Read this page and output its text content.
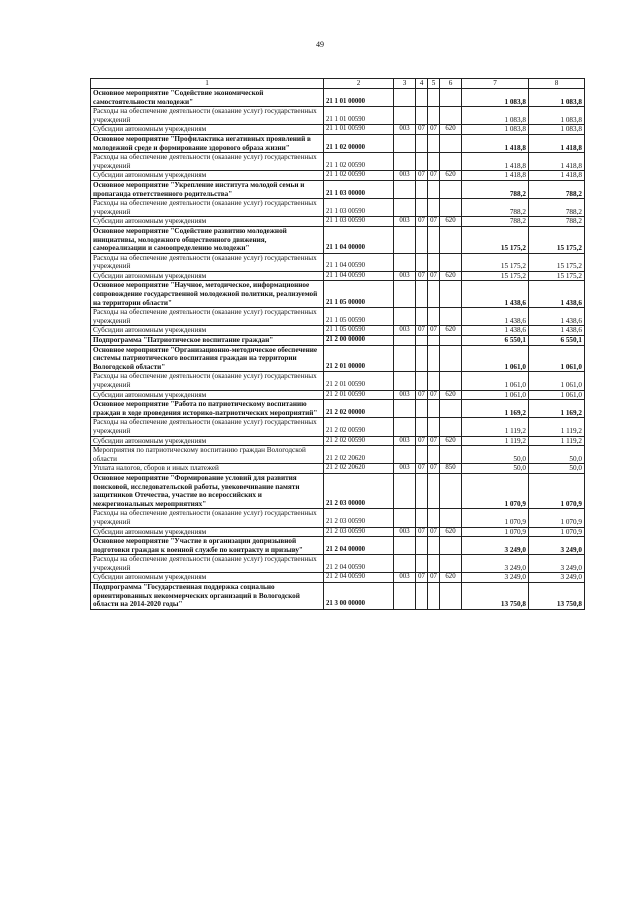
49
1	2	3	4	5	6	7	8
Основное мероприятие "Содействие экономической самостоятельности молодежи"	21 1 01 00000					1 083,8	1 083,8
Расходы на обеспечение деятельности (оказание услуг) государственных учреждений	21 1 01 00590					1 083,8	1 083,8
Субсидии автономным учреждениям	21 1 01 00590	003	07	07	620	1 083,8	1 083,8
Основное мероприятие "Профилактика негативных проявлений в молодежной среде и формирование здорового образа жизни"	21 1 02 00000					1 418,8	1 418,8
Расходы на обеспечение деятельности (оказание услуг) государственных учреждений	21 1 02 00590					1 418,8	1 418,8
Субсидии автономным учреждениям	21 1 02 00590	003	07	07	620	1 418,8	1 418,8
Основное мероприятие "Укрепление института молодой семьи и пропаганда ответственного родительства"	21 1 03 00000					788,2	788,2
Расходы на обеспечение деятельности (оказание услуг) государственных учреждений	21 1 03 00590					788,2	788,2
Субсидии автономным учреждениям	21 1 03 00590	003	07	07	620	788,2	788,2
Основное мероприятие "Содействие развитию молодежной инициативы, молодежного общественного движения, самореализации и самоопределению молодежи"	21 1 04 00000					15 175,2	15 175,2
Расходы на обеспечение деятельности (оказание услуг) государственных учреждений	21 1 04 00590					15 175,2	15 175,2
Субсидии автономным учреждениям	21 1 04 00590	003	07	07	620	15 175,2	15 175,2
Основное мероприятие "Научное, методическое, информационное сопровождение государственной молодежной политики, реализуемой на территории области"	21 1 05 00000					1 438,6	1 438,6
Расходы на обеспечение деятельности (оказание услуг) государственных учреждений	21 1 05 00590					1 438,6	1 438,6
Субсидии автономным учреждениям	21 1 05 00590	003	07	07	620	1 438,6	1 438,6
Подпрограмма "Патриотическое воспитание граждан"	21 2 00 00000					6 550,1	6 550,1
Основное мероприятие "Организационно-методическое обеспечение системы патриотического воспитания граждан на территории Вологодской области"	21 2 01 00000					1 061,0	1 061,0
Расходы на обеспечение деятельности (оказание услуг) государственных учреждений	21 2 01 00590					1 061,0	1 061,0
Субсидии автономным учреждениям	21 2 01 00590	003	07	07	620	1 061,0	1 061,0
Основное мероприятие "Работа по патриотическому воспитанию граждан в ходе проведения историко-патриотических мероприятий"	21 2 02 00000					1 169,2	1 169,2
Расходы на обеспечение деятельности (оказание услуг) государственных учреждений	21 2 02 00590					1 119,2	1 119,2
Субсидии автономным учреждениям	21 2 02 00590	003	07	07	620	1 119,2	1 119,2
Мероприятия по патриотическому воспитанию граждан Вологодской области	21 2 02 20620					50,0	50,0
Уплата налогов, сборов и иных платежей	21 2 02 20620	003	07	07	850	50,0	50,0
Основное мероприятие "Формирование условий для развития поисковой, исследовательской работы, увековечивание памяти защитников Отечества, участие во всероссийских и межрегиональных мероприятиях"	21 2 03 00000					1 070,9	1 070,9
Расходы на обеспечение деятельности (оказание услуг) государственных учреждений	21 2 03 00590					1 070,9	1 070,9
Субсидии автономным учреждениям	21 2 03 00590	003	07	07	620	1 070,9	1 070,9
Основное мероприятие "Участие в организации допризывной подготовки граждан к военной службе по контракту и призыву"	21 2 04 00000					3 249,0	3 249,0
Расходы на обеспечение деятельности (оказание услуг) государственных учреждений	21 2 04 00590					3 249,0	3 249,0
Субсидии автономным учреждениям	21 2 04 00590	003	07	07	620	3 249,0	3 249,0
Подпрограмма "Государственная поддержка социально ориентированных некоммерческих организаций в Вологодской области на 2014-2020 годы"	21 3 00 00000					13 750,8	13 750,8
